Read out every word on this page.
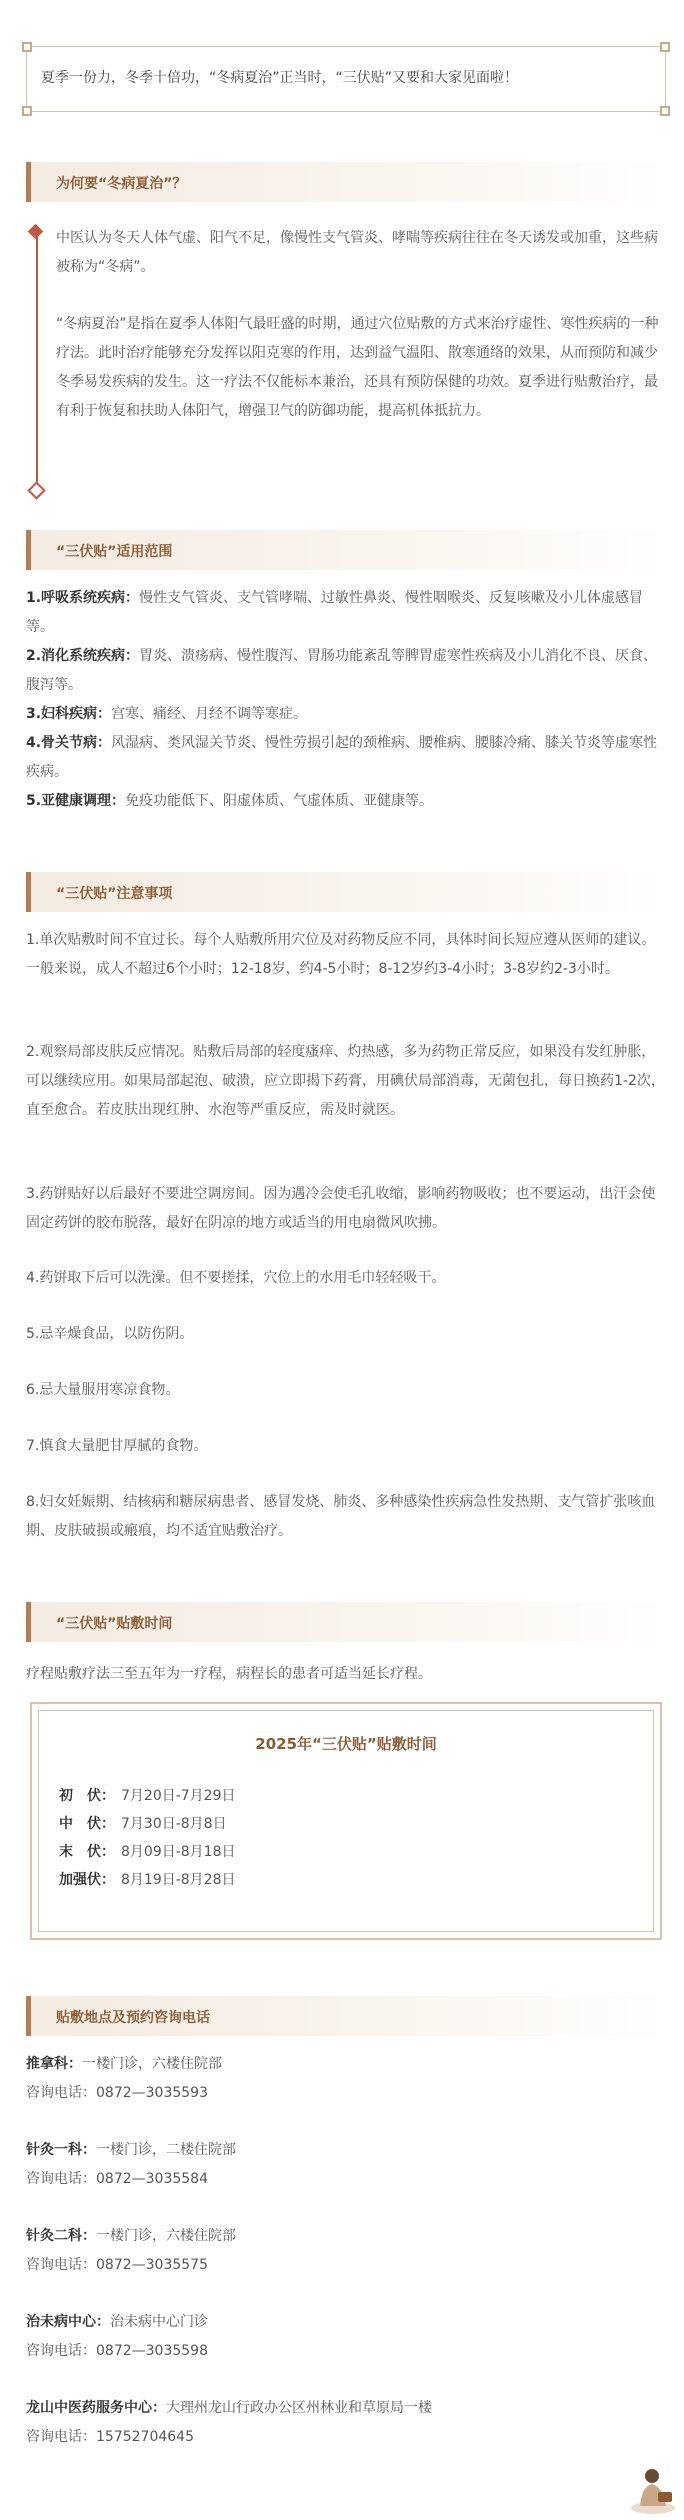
夏季一份力，冬季十倍功，“冬病夏治”正当时，“三伏贴”又要和大家见面啦！
为何要“冬病夏治”？
中医认为冬天人体气虚、阳气不足，像慢性支气管炎、哮喘等疾病往往在冬天诱发或加重，这些病被称为“冬病”。
“冬病夏治”是指在夏季人体阳气最旺盛的时期，通过穴位贴敷的方式来治疗虚性、寒性疾病的一种疗法。此时治疗能够充分发挥以阳克寒的作用，达到益气温阳、散寒通络的效果，从而预防和减少冬季易发疾病的发生。这一疗法不仅能标本兼治，还具有预防保健的功效。夏季进行贴敷治疗，最有利于恢复和扶助人体阳气，增强卫气的防御功能，提高机体抵抗力。
“三伏贴”适用范围

1.呼吸系统疾病：慢性支气管炎、支气管哮喘、过敏性鼻炎、慢性咽喉炎、反复咳嗽及小儿体虚感冒等。

2.消化系统疾病：胃炎、溃疡病、慢性腹泻、胃肠功能紊乱等脾胃虚寒性疾病及小儿消化不良、厌食、腹泻等。

3.妇科疾病：宫寒、痛经、月经不调等寒症。

4.骨关节病：风湿病、类风湿关节炎、慢性劳损引起的颈椎病、腰椎病、腰膝冷痛、膝关节炎等虚寒性疾病。

5.亚健康调理：免疫功能低下、阳虚体质、气虚体质、亚健康等。

“三伏贴”注意事项
1.单次贴敷时间不宜过长。每个人贴敷所用穴位及对药物反应不同，具体时间长短应遵从医师的建议。一般来说，成人不超过6个小时；12-18岁，约4-5小时；8-12岁约3-4小时；3-8岁约2-3小时。
2.观察局部皮肤反应情况。贴敷后局部的轻度瘙痒、灼热感，多为药物正常反应，如果没有发红肿胀，可以继续应用。如果局部起泡、破溃，应立即揭下药膏，用碘伏局部消毒，无菌包扎，每日换药1-2次，直至愈合。若皮肤出现红肿、水泡等严重反应，需及时就医。
3.药饼贴好以后最好不要进空调房间。因为遇冷会使毛孔收缩，影响药物吸收；也不要运动，出汗会使固定药饼的胶布脱落，最好在阴凉的地方或适当的用电扇微风吹拂。
4.药饼取下后可以洗澡。但不要搓揉，穴位上的水用毛巾轻轻吸干。
5.忌辛燥食品，以防伤阴。
6.忌大量服用寒凉食物。
7.慎食大量肥甘厚腻的食物。
8.妇女妊娠期、结核病和糖尿病患者、感冒发烧、肺炎、多种感染性疾病急性发热期、支气管扩张咳血期、皮肤破损或瘢痕，均不适宜贴敷治疗。
“三伏贴”贴敷时间
疗程贴敷疗法三至五年为一疗程，病程长的患者可适当延长疗程。
2025年“三伏贴”贴敷时间
初　伏： 7月20日-7月29日
中　伏： 7月30日-8月8日
末　伏： 8月09日-8月18日
加强伏： 8月19日-8月28日
贴敷地点及预约咨询电话
推拿科：一楼门诊，六楼住院部
咨询电话：0872—3035593
针灸一科：一楼门诊，二楼住院部
咨询电话：0872—3035584
针灸二科：一楼门诊，六楼住院部
咨询电话：0872—3035575
治未病中心：治未病中心门诊
咨询电话：0872—3035598
龙山中医药服务中心：大理州龙山行政办公区州林业和草原局一楼
咨询电话：15752704645
